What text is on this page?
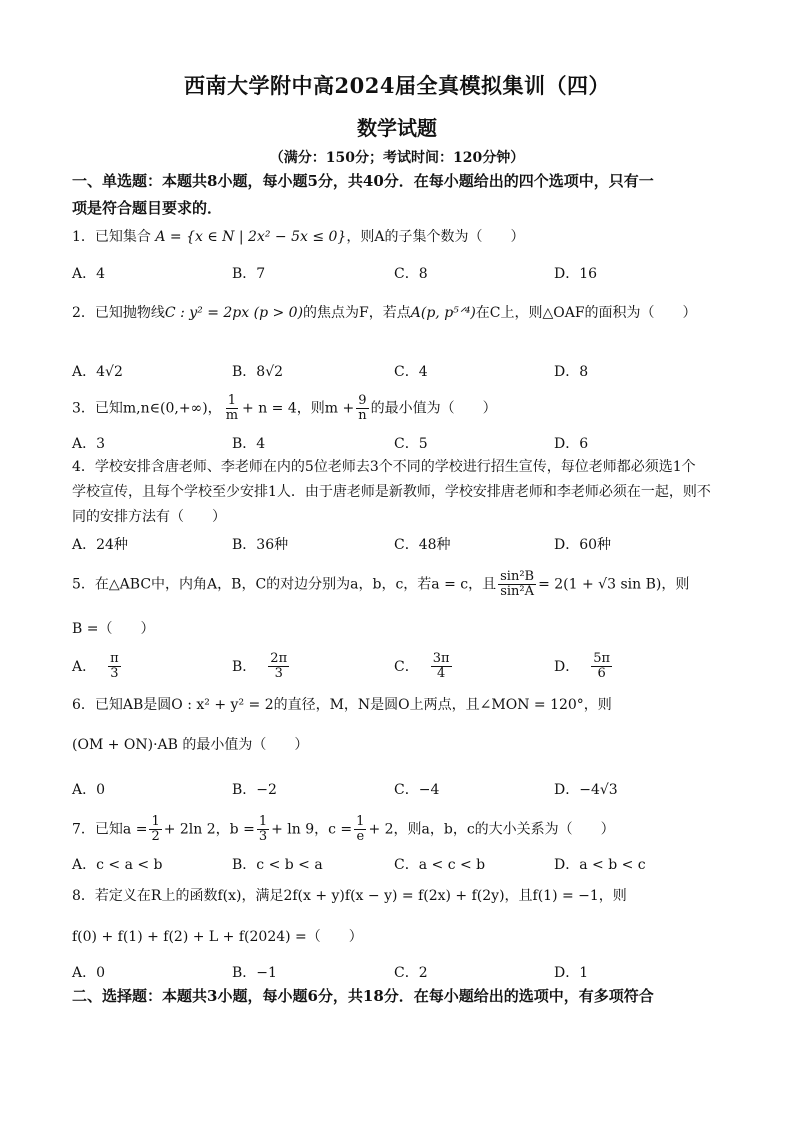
西南大学附中高2024届全真模拟集训（四）
数学试题
（满分：150分；考试时间：120分钟）
一、单选题：本题共8小题，每小题5分，共40分．在每小题给出的四个选项中，只有一
项是符合题目要求的．
1．已知集合 A = {x ∈ N | 2x² − 5x ≤ 0}，则A的子集个数为（　　）
A．4	B．7	C．8	D．16
2．已知抛物线C : y² = 2px (p > 0)的焦点为F，若点A(p, p⁵ᐟ⁴)在C上，则△OAF的面积为（　　）
A．4√2	B．8√2	C．4	D．8
3．已知m,n∈(0,+∞)， $\frac{1}{m} + n = 4$，则$m + \frac{9}{n}$ 的最小值为（　　）
A．3	B．4	C．5	D．6
4．学校安排含唐老师、李老师在内的5位老师去3个不同的学校进行招生宣传，每位老师都必须选1个
学校宣传，且每个学校至少安排1人．由于唐老师是新教师，学校安排唐老师和李老师必须在一起，则不
同的安排方法有（　　）
A．24种	B．36种	C．48种	D．60种
5．在△ABC中，内角A，B，C的对边分别为a，b，c，若a = c，且 $\frac{\text{sin²B}}{\text{sin²A}} = 2(1 + √3$ sin B)，则
B =（　　）
A． $\frac{\pi}{3}$	B． $\frac{2\pi}{3}$	C． $\frac{3\pi}{4}$	D． $\frac{5\pi}{6}$
6．已知AB是圆O : x² + y² = 2的直径，M，N是圆O上两点，且∠MON = 120°，则
(OM + ON)·AB 的最小值为（　　）
A．0	B．−2	C．−4	D．−4√3
7．已知$a = \frac{1}{2} + 2\ln$ 2，$b = \frac{1}{3} + \ln 9$，$c = \frac{1}{e} + 2$，则a，b，c的大小关系为（　　）
A．c < a < b	B．c < b < a	C．a < c < b	D．a < b < c
8．若定义在R上的函数f(x)，满足2f(x + y)f(x − y) = f(2x) + f(2y)，且f(1) = −1，则
f(0) + f(1) + f(2) + L + f(2024) =（　　）
A．0	B．−1	C．2	D．1
二、选择题：本题共3小题，每小题6分，共18分．在每小题给出的选项中，有多项符合
